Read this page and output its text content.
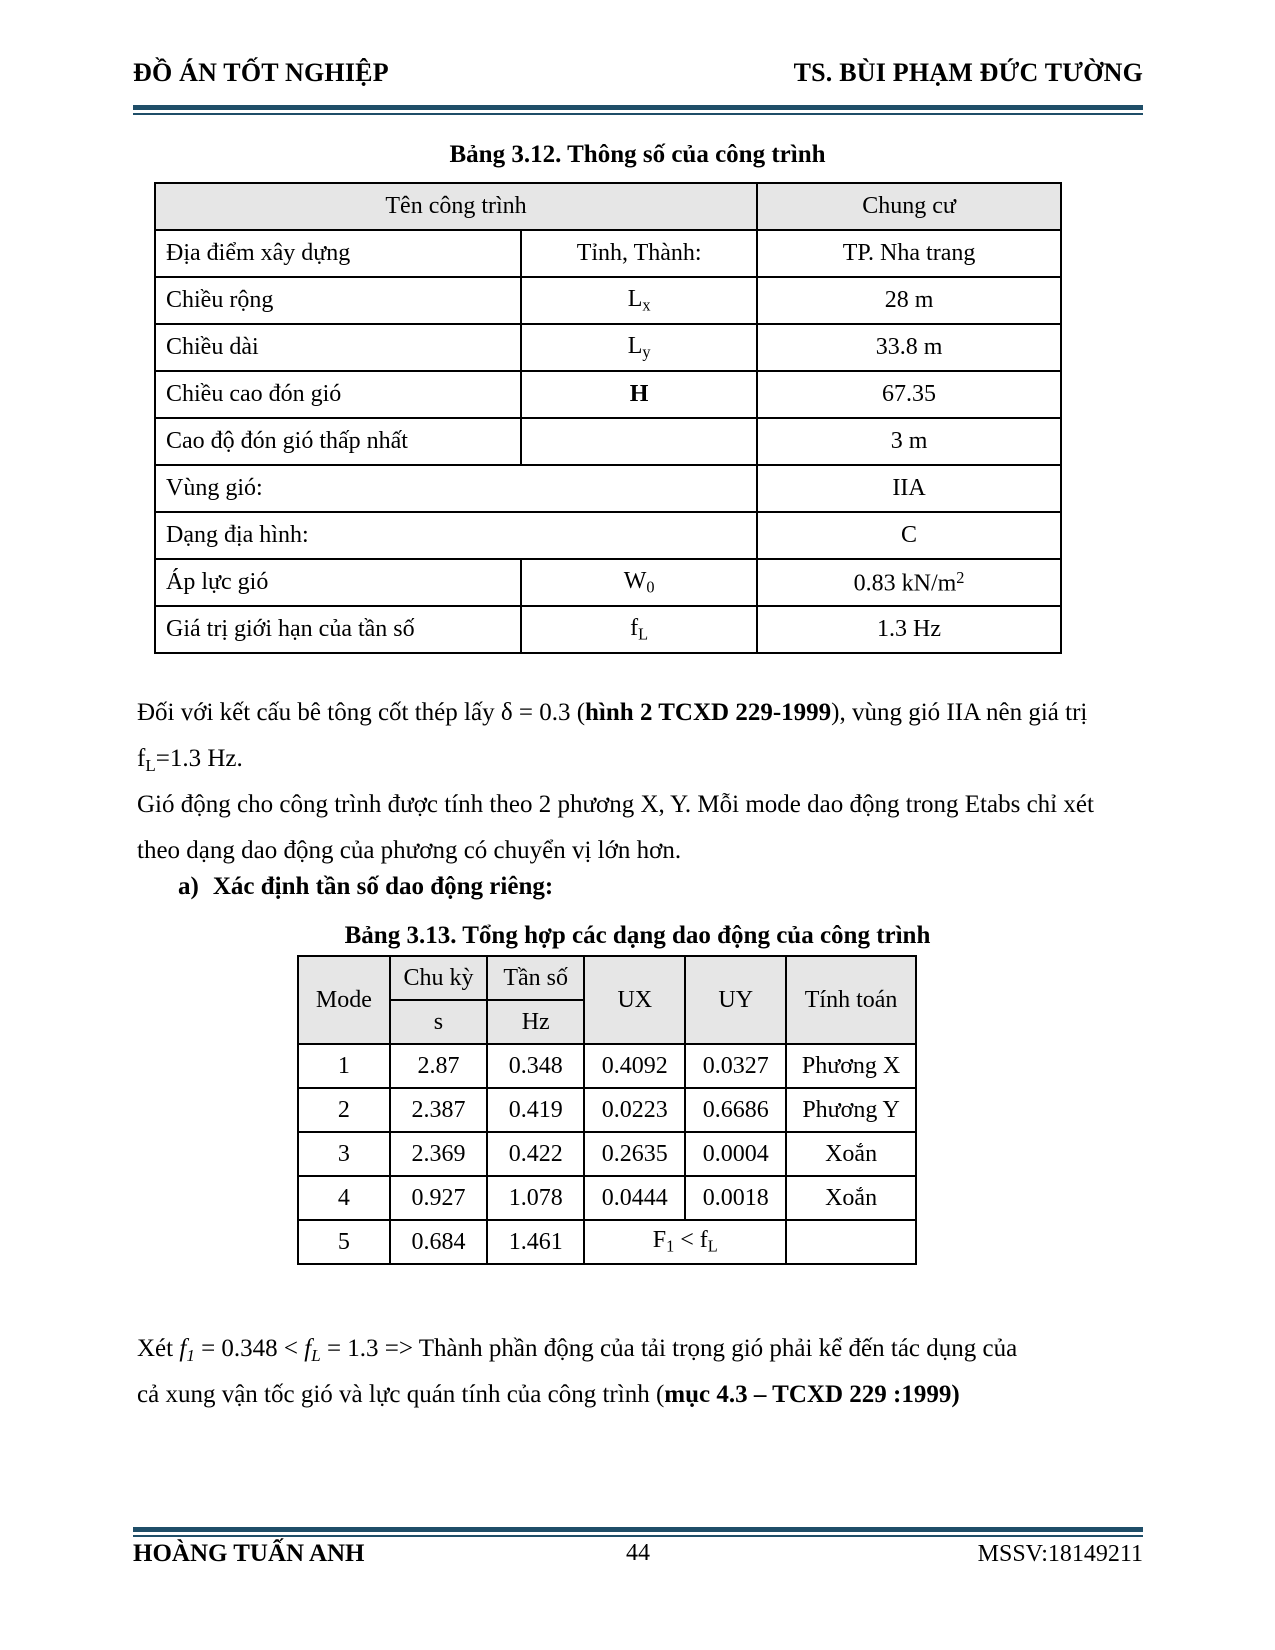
ĐỒ ÁN TỐT NGHIỆP	TS. BÙI PHẠM ĐỨC TƯỜNG
Bảng 3.12. Thông số của công trình
Tên công trình		Chung cư
Địa điểm xây dựng	Tỉnh, Thành:	TP. Nha trang
Chiều rộng	$L_x$	28 m
Chiều dài	$L_y$	33.8 m
Chiều cao đón gió	H	67.35
Cao độ đón gió thấp nhất		3 m
Vùng gió:		IIA
Dạng địa hình:		C
Áp lực gió	$W_0$	0.83 $kN/m^2$
Giá trị giới hạn của tần số	$f_L$	1.3 Hz
Đối với kết cấu bê tông cốt thép lấy δ = 0.3 (hình 2 TCXD 229-1999), vùng gió IIA nên giá trị $f_L=1.3$ Hz.
Gió động cho công trình được tính theo 2 phương X, Y. Mỗi mode dao động trong Etabs chỉ xét theo dạng dao động của phương có chuyển vị lớn hơn.
a) Xác định tần số dao động riêng:
Bảng 3.13. Tổng hợp các dạng dao động của công trình
Mode	Chu kỳ	Tần số	UX	UY	Tính toán
	s	Hz			
1	2.87	0.348	0.4092	0.0327	Phương X
2	2.387	0.419	0.0223	0.6686	Phương Y
3	2.369	0.422	0.2635	0.0004	Xoắn
4	0.927	1.078	0.0444	0.0018	Xoắn
5	0.684	1.461	$F_1 < f_L$	
Xét $f_1 = 0.348 < f_L = 1.3$ => Thành phần động của tải trọng gió phải kể đến tác dụng của
cả xung vận tốc gió và lực quán tính của công trình (mục 4.3 – TCXD 229 :1999)
HOÀNG TUẤN ANH	44	MSSV:18149211
